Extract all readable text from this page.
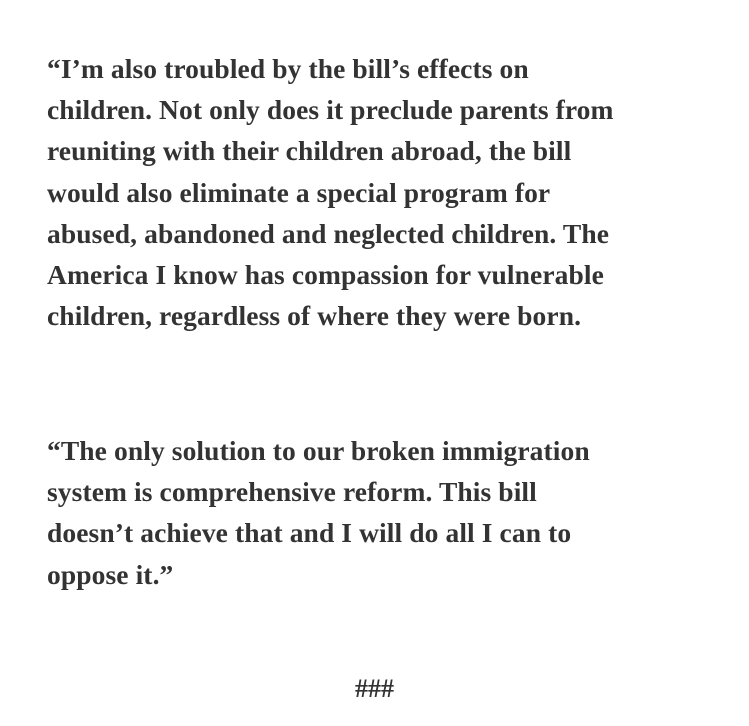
“I’m also troubled by the bill’s effects on
children. Not only does it preclude parents from
reuniting with their children abroad, the bill
would also eliminate a special program for
abused, abandoned and neglected children. The
America I know has compassion for vulnerable
children, regardless of where they were born.

“The only solution to our broken immigration
system is comprehensive reform. This bill
doesn’t achieve that and I will do all I can to
oppose it.”

###
